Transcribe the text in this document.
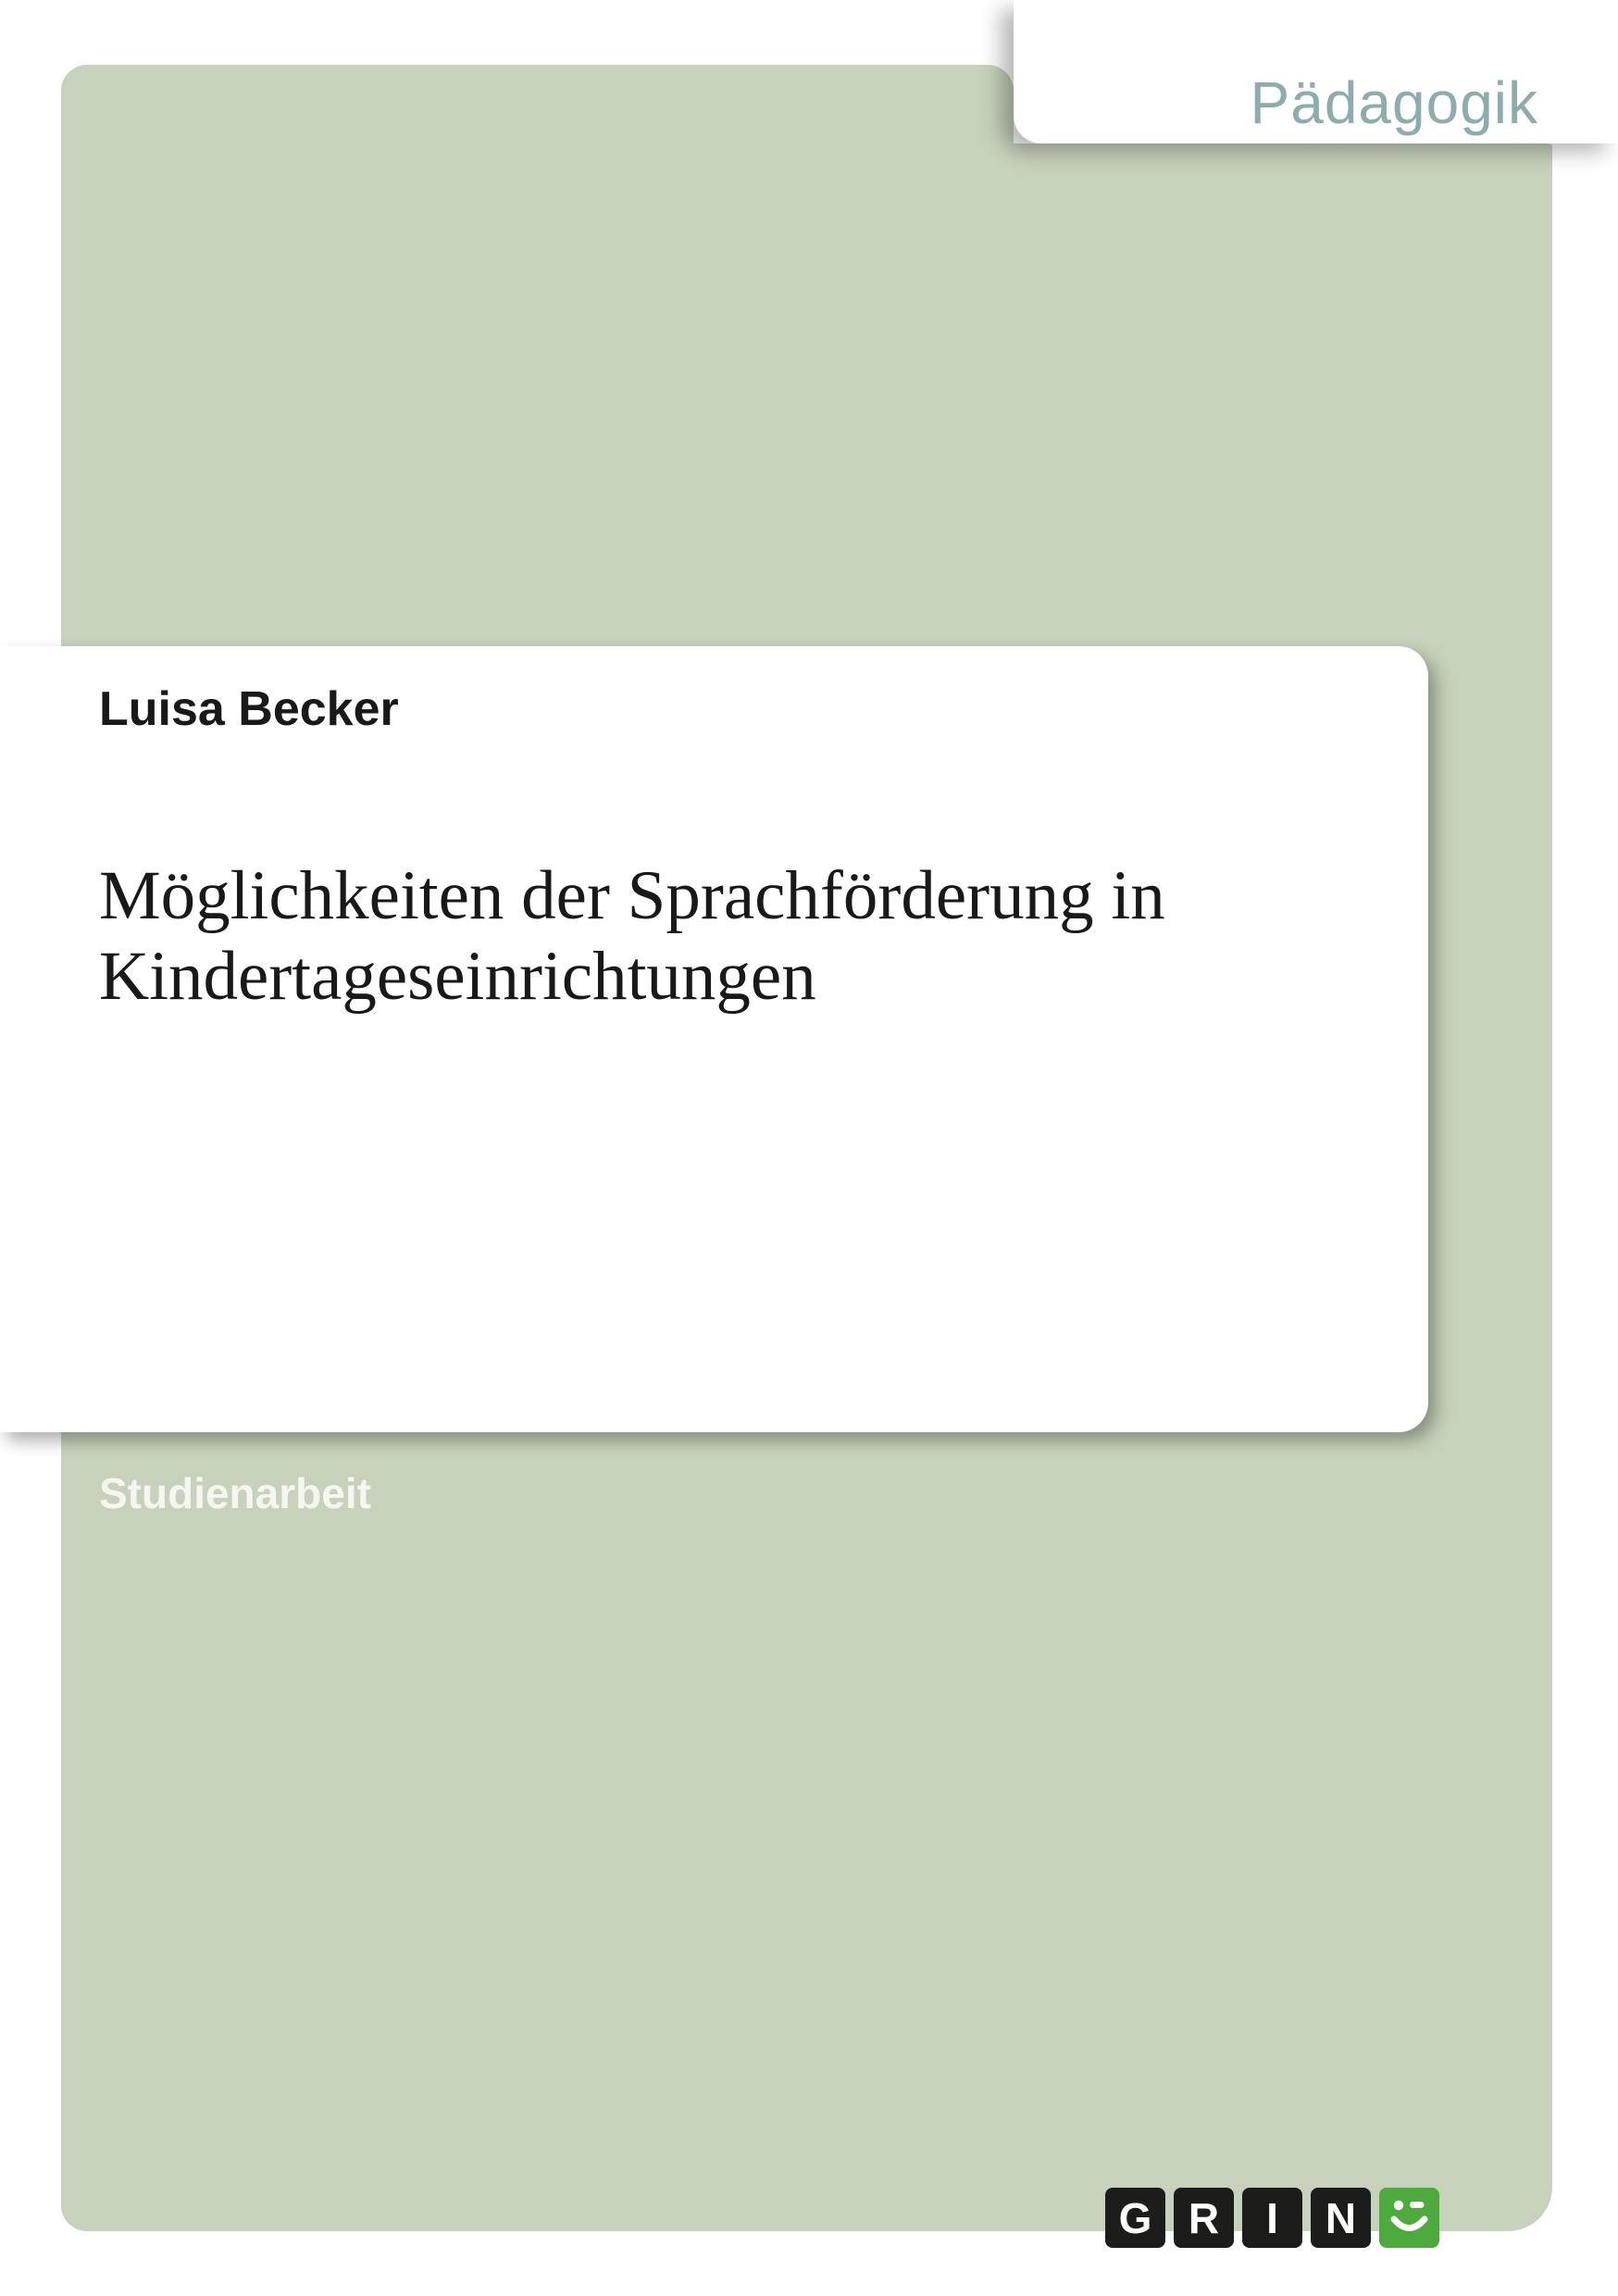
Pädagogik
Luisa Becker
Möglichkeiten der Sprachförderung in
Kindertageseinrichtungen
Studienarbeit
G R	I	N
